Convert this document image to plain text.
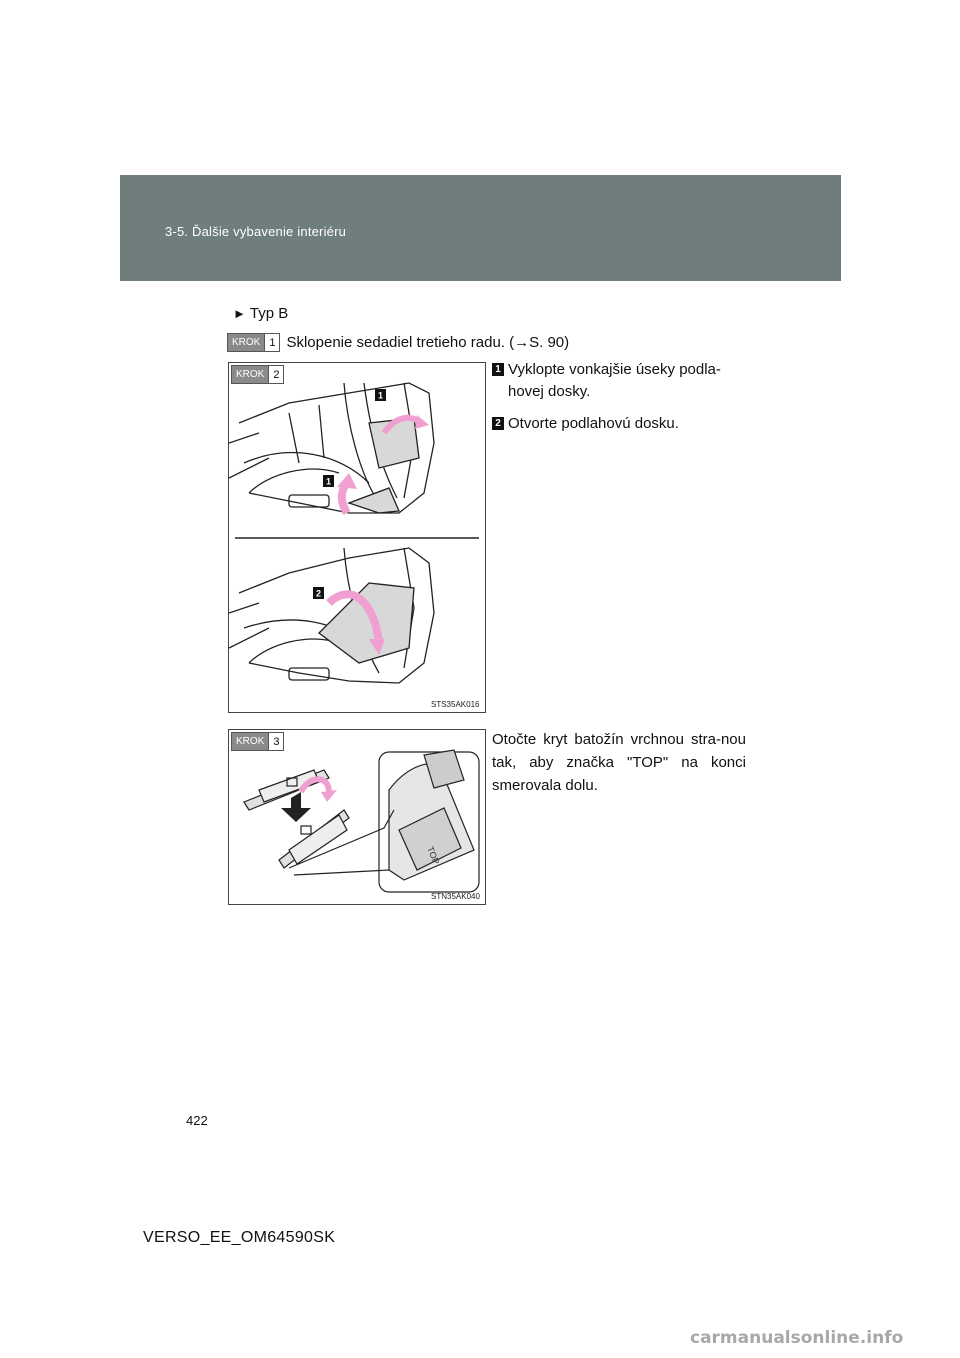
3-5. Ďalšie vybavenie interiéru
► Typ B
KROK 1 Sklopenie sedadiel tretieho radu. (→S. 90)
KROK 2
1
1
2
STS35AK016
1 Vyklopte vonkajšie úseky podla-hovej dosky.
2 Otvorte podlahovú dosku.
KROK 3
TOP
STN35AK040
Otočte kryt batožín vrchnou stra-nou tak, aby značka "TOP" na konci smerovala dolu.
422
VERSO_EE_OM64590SK
carmanualsonline.info
